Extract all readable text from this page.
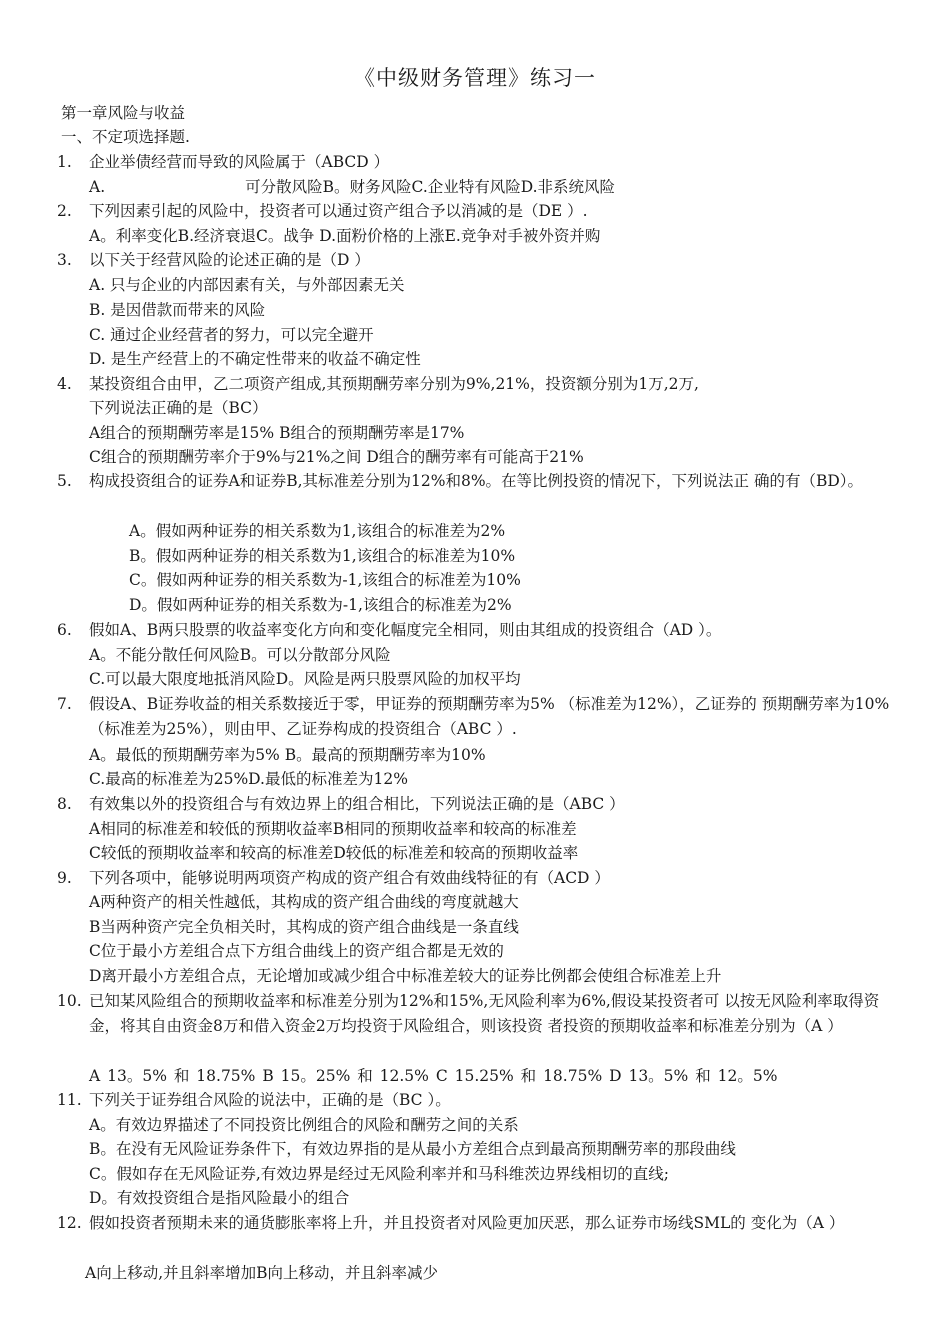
《中级财务管理》练习一
第一章风险与收益
一、不定项选择题.
1. 企业举债经营而导致的风险属于（ABCD ）
A.	可分散风险B。财务风险C.企业特有风险D.非系统风险
2. 下列因素引起的风险中，投资者可以通过资产组合予以消减的是（DE ）.
A。利率变化B.经济衰退C。战争 D.面粉价格的上涨E.竞争对手被外资并购
3. 以下关于经营风险的论述正确的是（D ）
A. 只与企业的内部因素有关，与外部因素无关
B. 是因借款而带来的风险
C. 通过企业经营者的努力，可以完全避开
D. 是生产经营上的不确定性带来的收益不确定性
4. 某投资组合由甲，乙二项资产组成,其预期酬劳率分别为9%,21%，投资额分别为1万,2万,
下列说法正确的是（BC）
A组合的预期酬劳率是15% B组合的预期酬劳率是17%
C组合的预期酬劳率介于9%与21%之间 D组合的酬劳率有可能高于21%
5. 构成投资组合的证券A和证券B,其标准差分别为12%和8%。在等比例投资的情况下，下列说法正 确的有（BD）。
A。假如两种证券的相关系数为1,该组合的标准差为2%
B。假如两种证券的相关系数为1,该组合的标准差为10%
C。假如两种证券的相关系数为-1,该组合的标准差为10%
D。假如两种证券的相关系数为-1,该组合的标准差为2%
6. 假如A、B两只股票的收益率变化方向和变化幅度完全相同，则由其组成的投资组合（AD ）。
A。不能分散任何风险B。可以分散部分风险
C.可以最大限度地抵消风险D。风险是两只股票风险的加权平均
7. 假设A、B证券收益的相关系数接近于零，甲证券的预期酬劳率为5% （标准差为12%），乙证券的 预期酬劳率为10%（标准差为25%），则由甲、乙证券构成的投资组合（ABC ）.
A。最低的预期酬劳率为5% B。最高的预期酬劳率为10%
C.最高的标准差为25%D.最低的标准差为12%
8. 有效集以外的投资组合与有效边界上的组合相比，下列说法正确的是（ABC ）
A相同的标准差和较低的预期收益率B相同的预期收益率和较高的标准差
C较低的预期收益率和较高的标准差D较低的标准差和较高的预期收益率
9. 下列各项中，能够说明两项资产构成的资产组合有效曲线特征的有（ACD ）
A两种资产的相关性越低，其构成的资产组合曲线的弯度就越大
B当两种资产完全负相关时，其构成的资产组合曲线是一条直线
C位于最小方差组合点下方组合曲线上的资产组合都是无效的
D离开最小方差组合点，无论增加或减少组合中标准差较大的证券比例都会使组合标准差上升
10. 已知某风险组合的预期收益率和标准差分别为12%和15%,无风险利率为6%,假设某投资者可 以按无风险利率取得资金，将其自由资金8万和借入资金2万均投资于风险组合，则该投资 者投资的预期收益率和标准差分别为（A ）
A 13。5% 和 18.75% B 15。25% 和 12.5% C 15.25% 和 18.75% D 13。5% 和 12。5%
11. 下列关于证券组合风险的说法中，正确的是（BC ）。
A。有效边界描述了不同投资比例组合的风险和酬劳之间的关系
B。在没有无风险证券条件下，有效边界指的是从最小方差组合点到最高预期酬劳率的那段曲线
C。假如存在无风险证券,有效边界是经过无风险利率并和马科维茨边界线相切的直线;
D。有效投资组合是指风险最小的组合
12. 假如投资者预期未来的通货膨胀率将上升，并且投资者对风险更加厌恶，那么证券市场线SML的 变化为（A ）
A向上移动,并且斜率增加B向上移动，并且斜率减少
